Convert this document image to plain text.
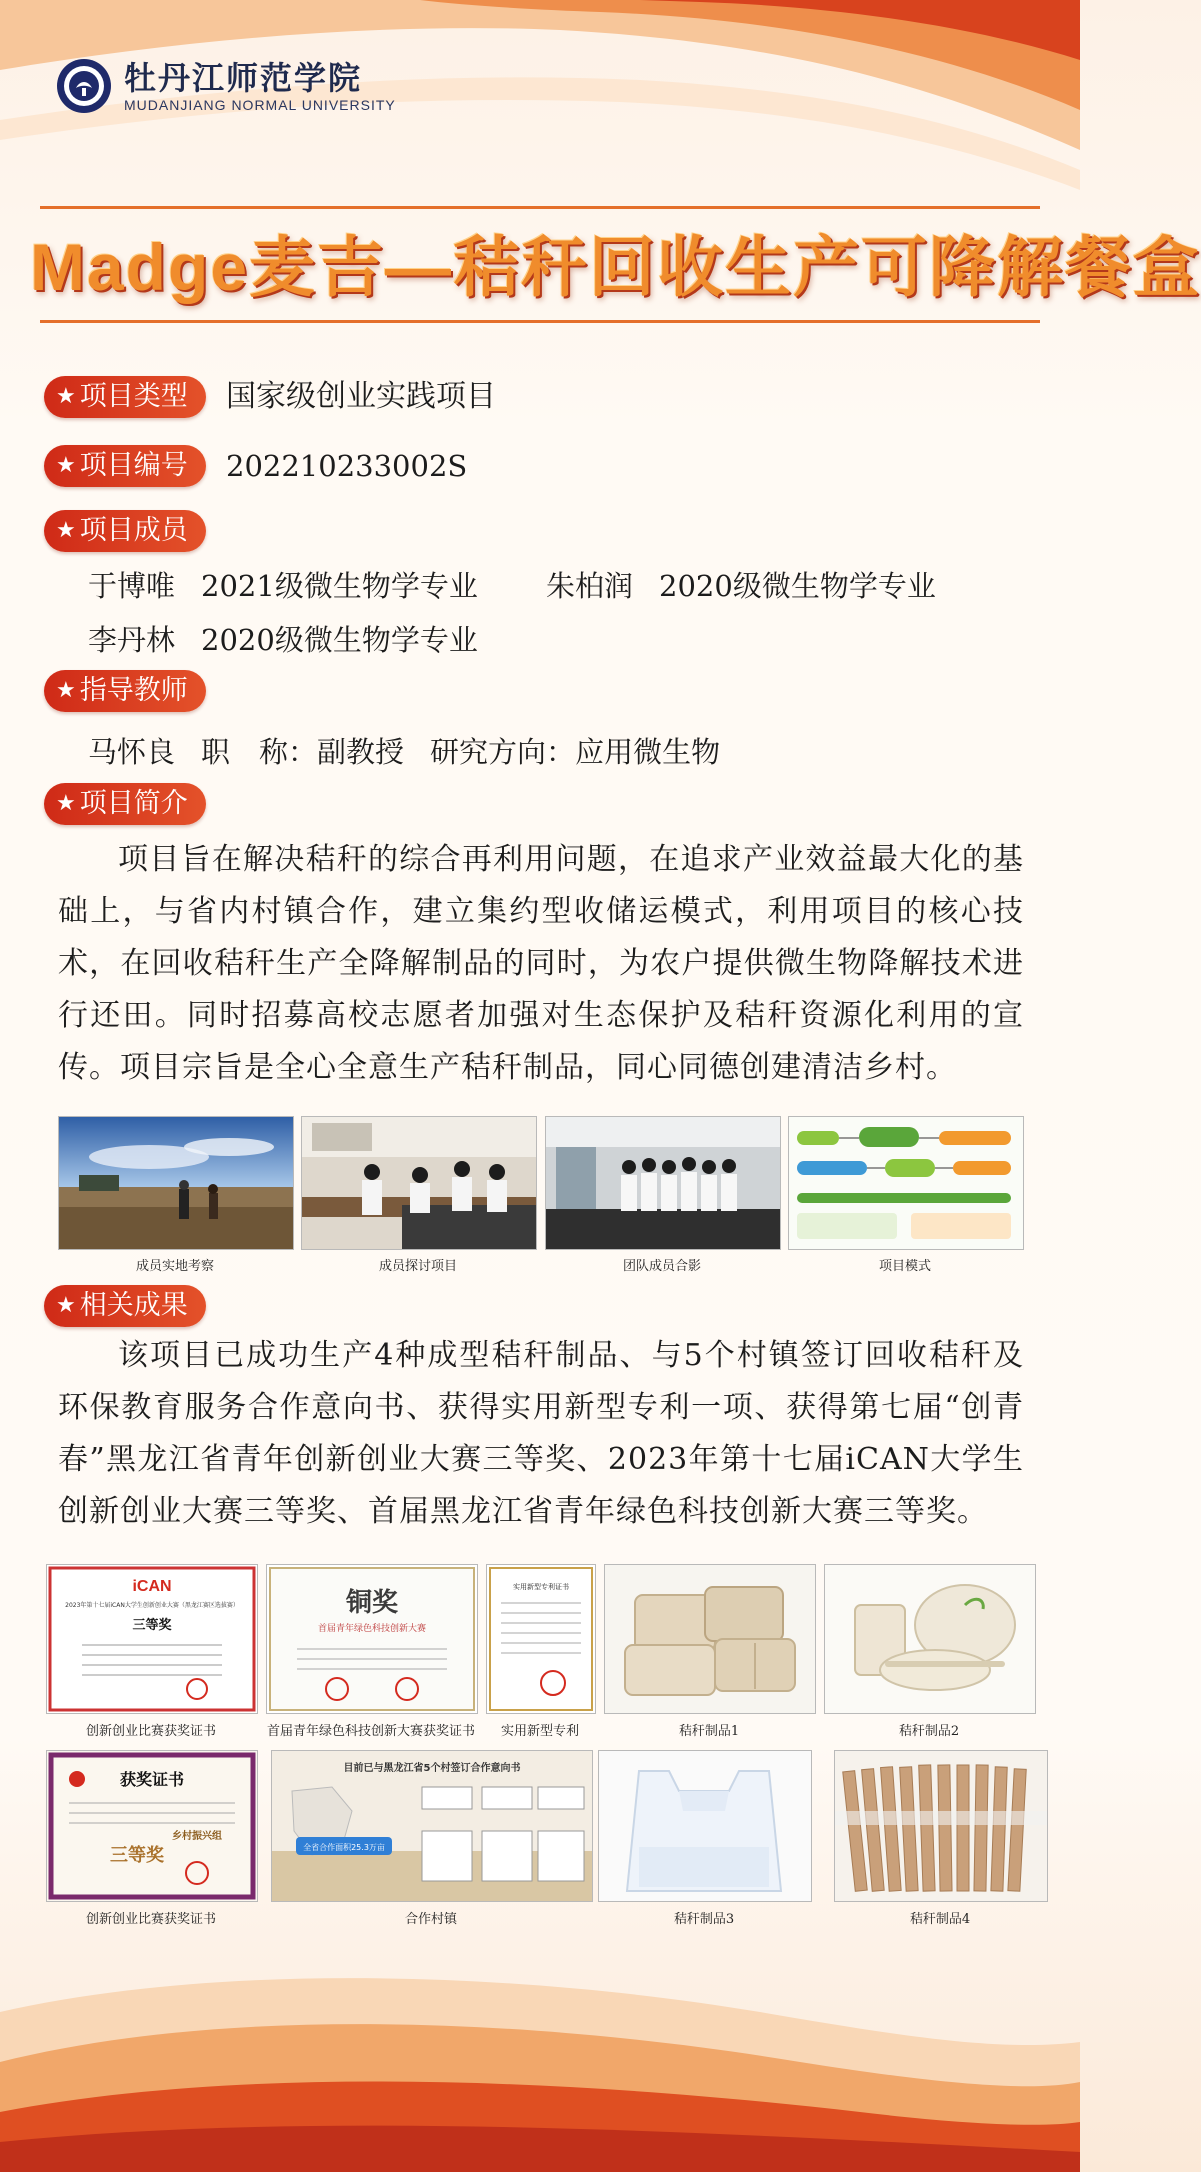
牡丹江师范学院
MUDANJIANG NORMAL UNIVERSITY
Madge麦吉—秸秆回收生产可降解餐盒
★ 项目类型 国家级创业实践项目
★ 项目编号 202210233002S
★ 项目成员
于博唯 2021级微生物学专业 朱柏润 2020级微生物学专业
李丹林 2020级微生物学专业
★ 指导教师
马怀良 职　称：副教授 研究方向：应用微生物
★ 项目简介
项目旨在解决秸秆的综合再利用问题，在追求产业效益最大化的基础上，与省内村镇合作，建立集约型收储运模式，利用项目的核心技术，在回收秸秆生产全降解制品的同时，为农户提供微生物降解技术进行还田。同时招募高校志愿者加强对生态保护及秸秆资源化利用的宣传。项目宗旨是全心全意生产秸秆制品，同心同德创建清洁乡村。
成员实地考察	成员探讨项目	团队成员合影	项目模式
★ 相关成果
该项目已成功生产4种成型秸秆制品、与5个村镇签订回收秸秆及环保教育服务合作意向书、获得实用新型专利一项、获得第七届“创青春”黑龙江省青年创新创业大赛三等奖、2023年第十七届iCAN大学生创新创业大赛三等奖、首届黑龙江省青年绿色科技创新大赛三等奖。
iCAN
2023年第十七届iCAN大学生创新创业大赛（黑龙江赛区选拔赛）
三等奖
创新创业比赛获奖证书
铜奖
首届青年绿色科技创新大赛
首届青年绿色科技创新大赛获奖证书
实用新型专利证书
实用新型专利	秸秆制品1	秸秆制品2
获奖证书
乡村振兴组
三等奖
创新创业比赛获奖证书
目前已与黑龙江省5个村签订合作意向书
全省合作面积25.3万亩
合作村镇	秸秆制品3	秸秆制品4
